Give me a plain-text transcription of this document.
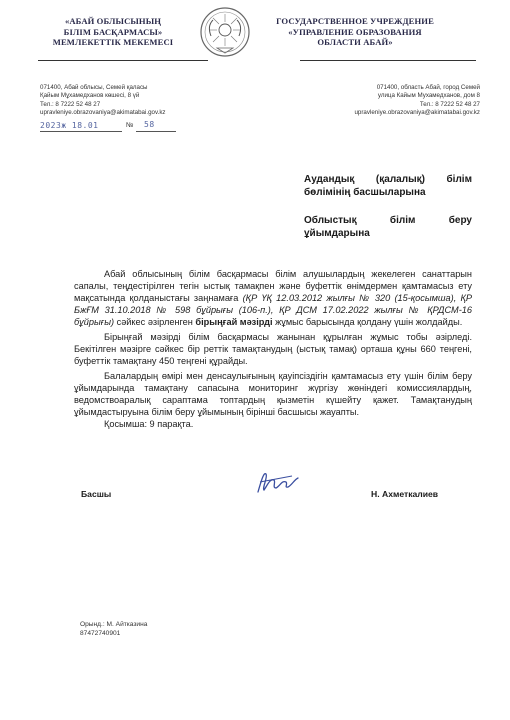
«АБАЙ ОБЛЫСЫНЫҢ
БІЛІМ БАСҚАРМАСЫ»
МЕМЛЕКЕТТІК МЕКЕМЕСІ
ГОСУДАРСТВЕННОЕ УЧРЕЖДЕНИЕ
«УПРАВЛЕНИЕ ОБРАЗОВАНИЯ
ОБЛАСТИ АБАЙ»
071400, Абай облысы, Семей қаласы
Қайым Мұхамедханов көшесі, 8 үй
Тел.: 8 7222 52 48 27
upravleniye.obrazovaniya@akimatabai.gov.kz
071400, область Абай, город Семей
улица Кайым Мухамедханов, дом 8
Тел.: 8 7222 52 48 27
upravleniye.obrazovaniya@akimatabai.gov.kz
2023ж 18.01	№ 58
Аудандық (қалалық) білім
бөлімінің басшыларына
Облыстық білім беру
ұйымдарына

Абай облысының білім басқармасы білім алушылардың жекелеген санаттарын сапалы, теңдестірілген тегін ыстық тамақпен және буфеттік өнімдермен қамтамасыз ету мақсатында қолданыстағы заңнамаға (ҚР ҮҚ 12.03.2012 жылғы № 320 (15-қосымша), ҚР БжҒМ 31.10.2018 № 598 бұйрығы (106-п.), ҚР ДСМ 17.02.2022 жылғы № ҚРДСМ-16 бұйрығы) сәйкес әзірленген бірыңғай мәзірді жұмыс барысында қолдану үшін жолдайды.

Бірыңғай мәзірді білім басқармасы жанынан құрылған жұмыс тобы әзірледі. Бекітілген мәзірге сәйкес бір реттік тамақтанудың (ыстық тамақ) орташа құны 660 теңгені, буфеттік тамақтану 450 теңгені құрайды.

Балалардың өмірі мен денсаулығының қауіпсіздігін қамтамасыз ету үшін білім беру ұйымдарында тамақтану сапасына мониторинг жүргізу жөніндегі комиссиялардың, ведомствоаралық сараптама топтардың қызметін күшейту қажет. Тамақтанудың ұйымдастыруына білім беру ұйымының бірінші басшысы жауапты.

Қосымша: 9 парақта.

Басшы	Н. Ахметкалиев
Орынд.: М. Айтказина
87472740901
